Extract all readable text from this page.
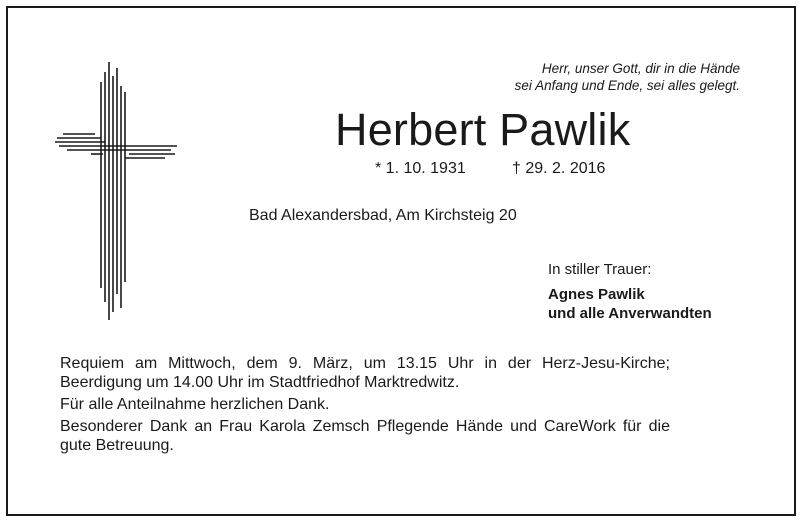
Herr, unser Gott, dir in die Hände
sei Anfang und Ende, sei alles gelegt.
Herbert Pawlik
* 1. 10. 1931	† 29. 2. 2016
Bad Alexandersbad, Am Kirchsteig 20
In stiller Trauer:
Agnes Pawlik
und alle Anverwandten

Requiem am Mittwoch, dem 9. März, um 13.15 Uhr in der Herz-Jesu-Kirche; Beerdigung um 14.00 Uhr im Stadtfriedhof Marktredwitz.

Für alle Anteilnahme herzlichen Dank.

Besonderer Dank an Frau Karola Zemsch Pflegende Hände und CareWork für die gute Betreuung.
